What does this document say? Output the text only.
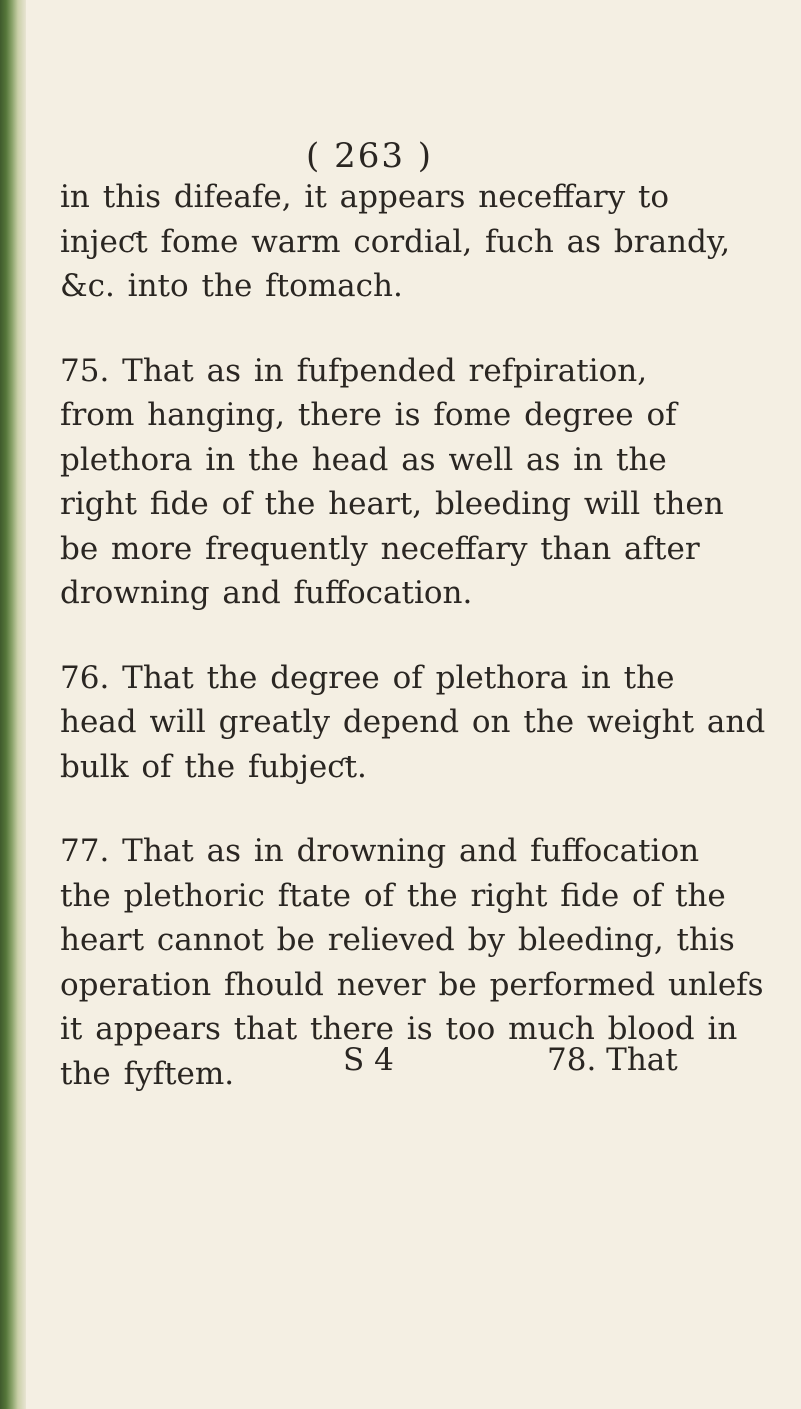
( 263 )
in this difeafe, it appears neceffary to
injeƈt fome warm cordial, fuch as brandy,
&c. into the ftomach.
75. That as in fufpended refpiration,
from hanging, there is fome degree of
plethora in the head as well as in the
right fide of the heart, bleeding will then
be more frequently neceffary than after
drowning and fuffocation.
76. That the degree of plethora in the
head will greatly depend on the weight and
bulk of the fubjeƈt.
77. That as in drowning and fuffocation
the plethoric ftate of the right fide of the
heart cannot be relieved by bleeding, this
operation fhould never be performed unlefs
it appears that there is too much blood in
the fyftem.	S 4	78. That
